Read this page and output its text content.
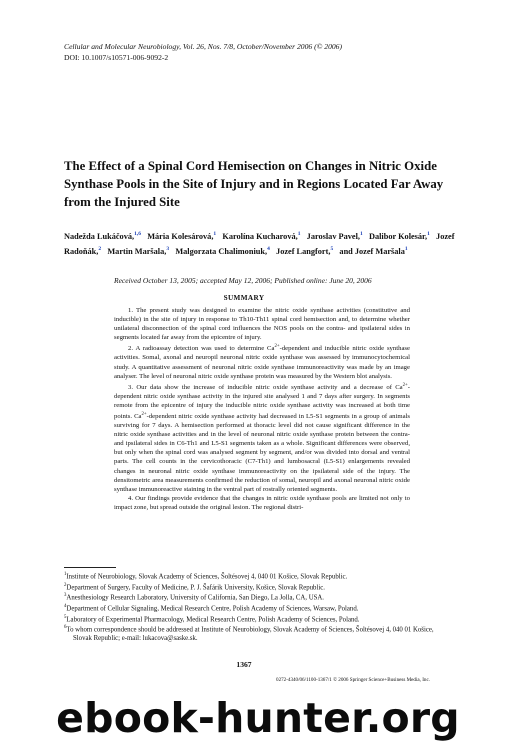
Cellular and Molecular Neurobiology, Vol. 26, Nos. 7/8, October/November 2006 (© 2006)
DOI: 10.1007/s10571-006-9092-2
The Effect of a Spinal Cord Hemisection on Changes in Nitric Oxide Synthase Pools in the Site of Injury and in Regions Located Far Away from the Injured Site
Nadežda Lukáčová,$^{1,6}$  Mária Kolesárová,$^1$  Karolína Kucharová,$^1$  Jaroslav Pavel,$^1$  Dalibor Kolesár,$^1$  Jozef Radoňák,$^2$  Martin Maršala,$^3$  Malgorzata Chalimoniuk,$^4$  Jozef Langfort,$^5$  and Jozef Maršala$^1$
Received October 13, 2005; accepted May 12, 2006; Published online: June 20, 2006
SUMMARY

1. The present study was designed to examine the nitric oxide synthase activities (constitutive and inducible) in the site of injury in response to Th10-Th11 spinal cord hemisection and, to determine whether unilateral disconnection of the spinal cord influences the NOS pools on the contra- and ipsilateral sides in segments located far away from the epicentre of injury.

2. A radioassay detection was used to determine $Ca^{2+}$-dependent and inducible nitric oxide synthase activities. Somal, axonal and neuropil neuronal nitric oxide synthase was assessed by immunocytochemical study. A quantitative assessment of neuronal nitric oxide synthase immunoreactivity was made by an image analyser. The level of neuronal nitric oxide synthase protein was measured by the Western blot analysis.

3. Our data show the increase of inducible nitric oxide synthase activity and a decrease of $Ca^{2+}$-dependent nitric oxide synthase activity in the injured site analysed 1 and 7 days after surgery. In segments remote from the epicentre of injury the inducible nitric oxide synthase activity was increased at both time points. $Ca^{2+}$-dependent nitric oxide synthase activity had decreased in L5-S1 segments in a group of animals surviving for 7 days. A hemisection performed at thoracic level did not cause significant difference in the nitric oxide synthase activities and in the level of neuronal nitric oxide synthase protein between the contra- and ipsilateral sides in C6-Th1 and L5-S1 segments taken as a whole. Significant differences were observed, but only when the spinal cord was analysed segment by segment, and/or was divided into dorsal and ventral parts. The cell counts in the cervicothoracic (C7-Th1) and lumbosacral (L5-S1) enlargements revealed changes in neuronal nitric oxide synthase immunoreactivity on the ipsilateral side of the injury. The densitometric area measurements confirmed the reduction of somal, neuropil and axonal neuronal nitric oxide synthase immunoreactive staining in the ventral part of rostrally oriented segments.

4. Our findings provide evidence that the changes in nitric oxide synthase pools are limited not only to impact zone, but spread outside the original lesion. The regional distri-

$^1$Institute of Neurobiology, Slovak Academy of Sciences, Šoltésovej 4, 040 01 Košice, Slovak Republic.

$^2$Department of Surgery, Faculty of Medicine, P. J. Šafárik University, Košice, Slovak Republic.

$^3$Anesthesiology Research Laboratory, University of California, San Diego, La Jolla, CA, USA.

$^4$Department of Cellular Signaling, Medical Research Centre, Polish Academy of Sciences, Warsaw, Poland.

$^5$Laboratory of Experimental Pharmacology, Medical Research Centre, Polish Academy of Sciences, Poland.

$^6$To whom correspondence should be addressed at Institute of Neurobiology, Slovak Academy of Sciences, Šoltésovej 4, 040 01 Košice, Slovak Republic; e-mail: lukacova@saske.sk.

1367
0272-4340/06/1100-1367/1 © 2006 Springer Science+Business Media, Inc.
ebook-hunter.org
